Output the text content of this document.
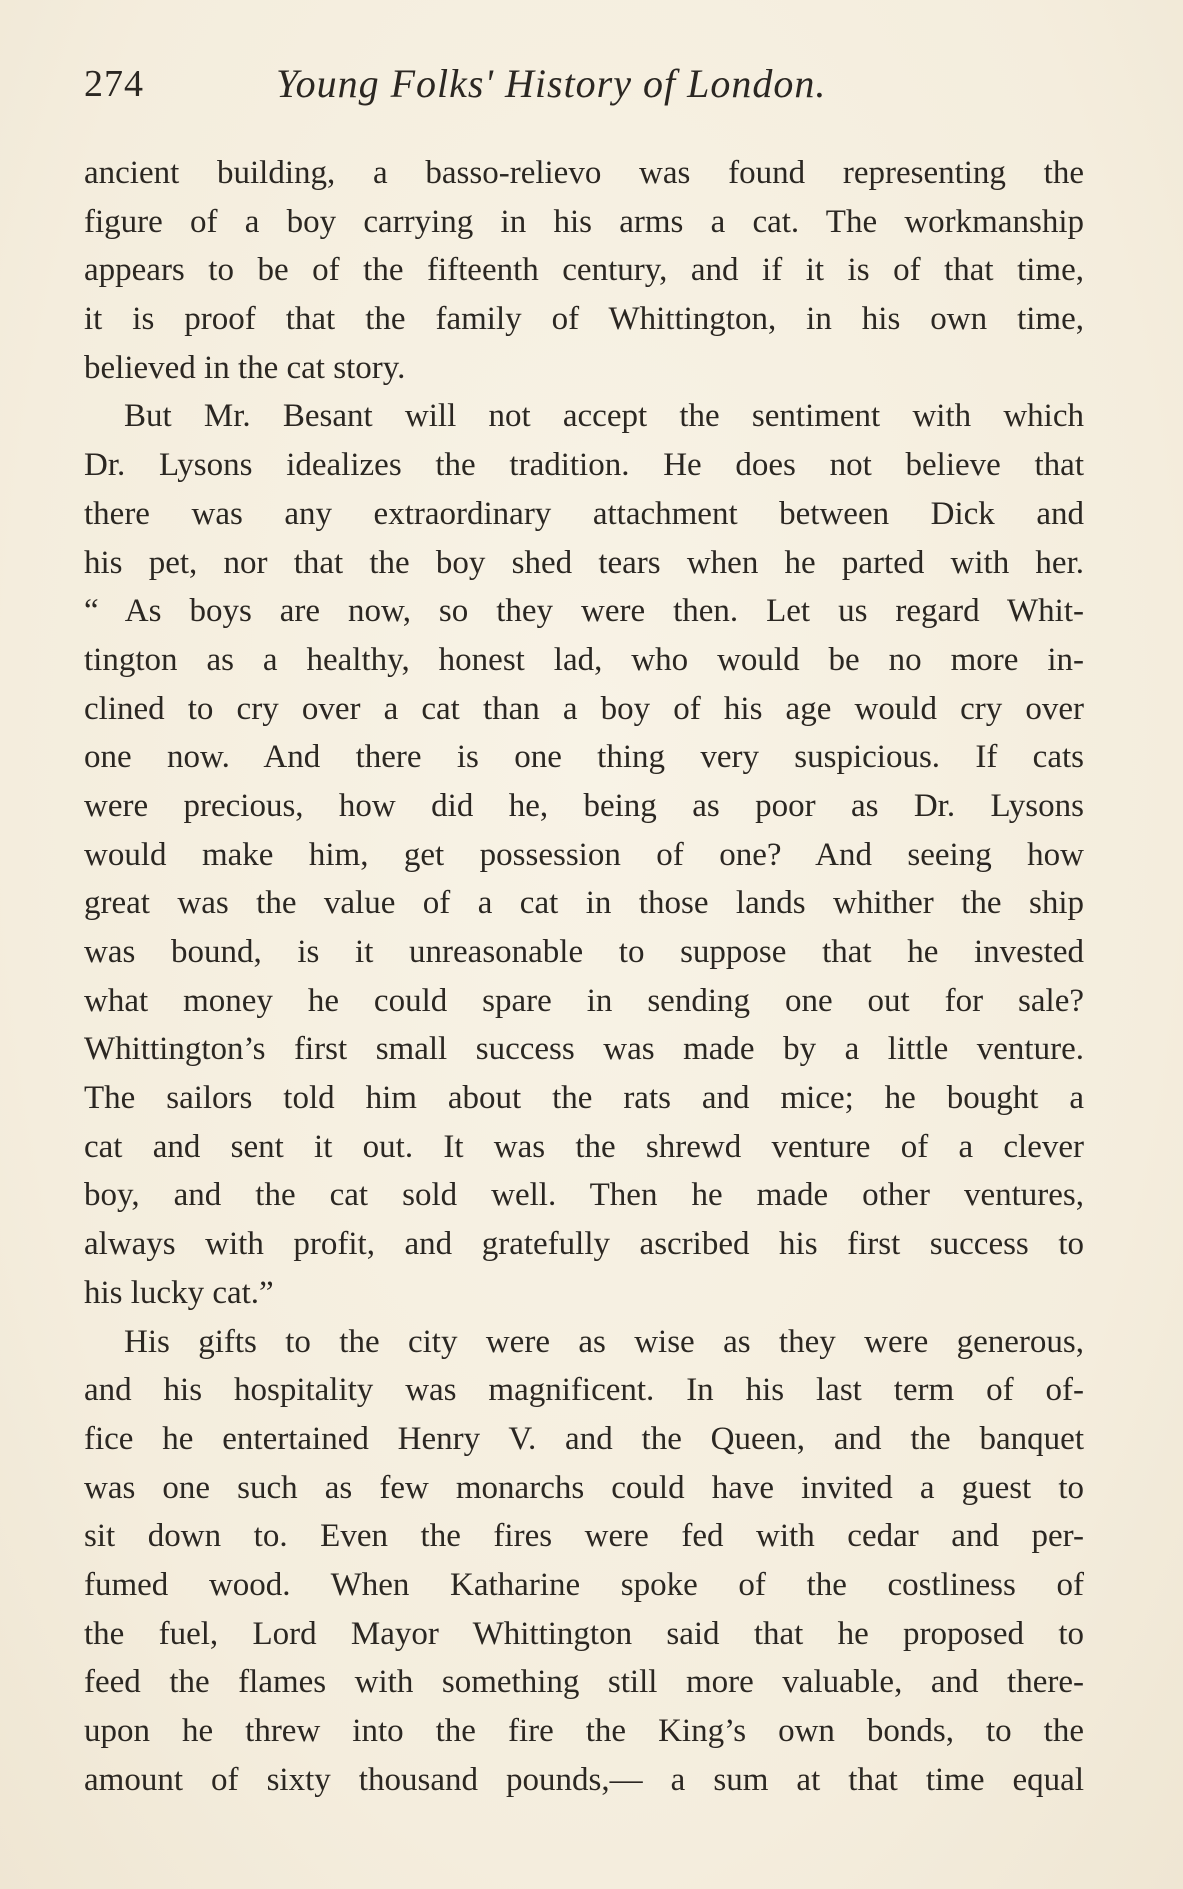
274	Young Folks' History of London.
ancient building, a basso-relievo was found representing the
figure of a boy carrying in his arms a cat. The workmanship
appears to be of the fifteenth century, and if it is of that time,
it is proof that the family of Whittington, in his own time,
believed in the cat story.
But Mr. Besant will not accept the sentiment with which
Dr. Lysons idealizes the tradition. He does not believe that
there was any extraordinary attachment between Dick and
his pet, nor that the boy shed tears when he parted with her.
“ As boys are now, so they were then. Let us regard Whit-
tington as a healthy, honest lad, who would be no more in-
clined to cry over a cat than a boy of his age would cry over
one now. And there is one thing very suspicious. If cats
were precious, how did he, being as poor as Dr. Lysons
would make him, get possession of one? And seeing how
great was the value of a cat in those lands whither the ship
was bound, is it unreasonable to suppose that he invested
what money he could spare in sending one out for sale?
Whittington’s first small success was made by a little venture.
The sailors told him about the rats and mice; he bought a
cat and sent it out. It was the shrewd venture of a clever
boy, and the cat sold well. Then he made other ventures,
always with profit, and gratefully ascribed his first success to
his lucky cat.”
His gifts to the city were as wise as they were generous,
and his hospitality was magnificent. In his last term of of-
fice he entertained Henry V. and the Queen, and the banquet
was one such as few monarchs could have invited a guest to
sit down to. Even the fires were fed with cedar and per-
fumed wood. When Katharine spoke of the costliness of
the fuel, Lord Mayor Whittington said that he proposed to
feed the flames with something still more valuable, and there-
upon he threw into the fire the King’s own bonds, to the
amount of sixty thousand pounds,— a sum at that time equal
